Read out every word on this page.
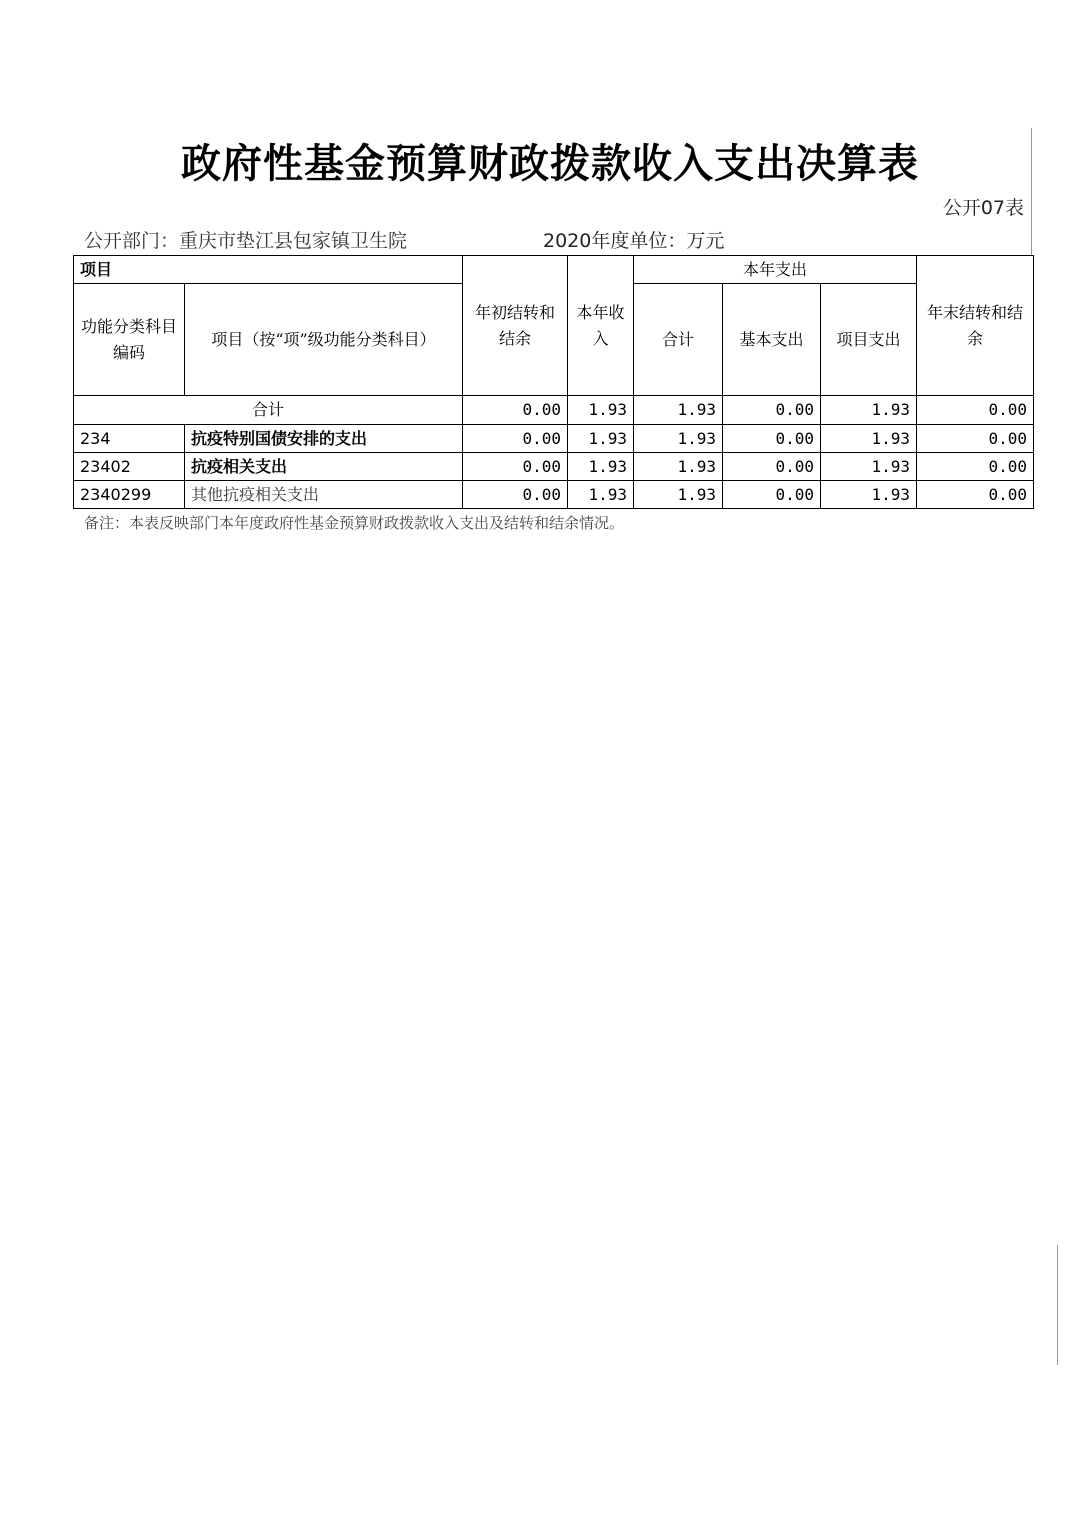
政府性基金预算财政拨款收入支出决算表
公开07表
公开部门：重庆市垫江县包家镇卫生院	2020年度单位：万元
项目		年初结转和结余	本年收入	本年支出			年末结转和结余
功能分类科目编码	项目（按“项”级功能分类科目）			合计	基本支出	项目支出	
合计		0.00	1.93	1.93	0.00	1.93	0.00
234	抗疫特别国债安排的支出	0.00	1.93	1.93	0.00	1.93	0.00
23402	抗疫相关支出	0.00	1.93	1.93	0.00	1.93	0.00
2340299	其他抗疫相关支出	0.00	1.93	1.93	0.00	1.93	0.00
备注：本表反映部门本年度政府性基金预算财政拨款收入支出及结转和结余情况。
